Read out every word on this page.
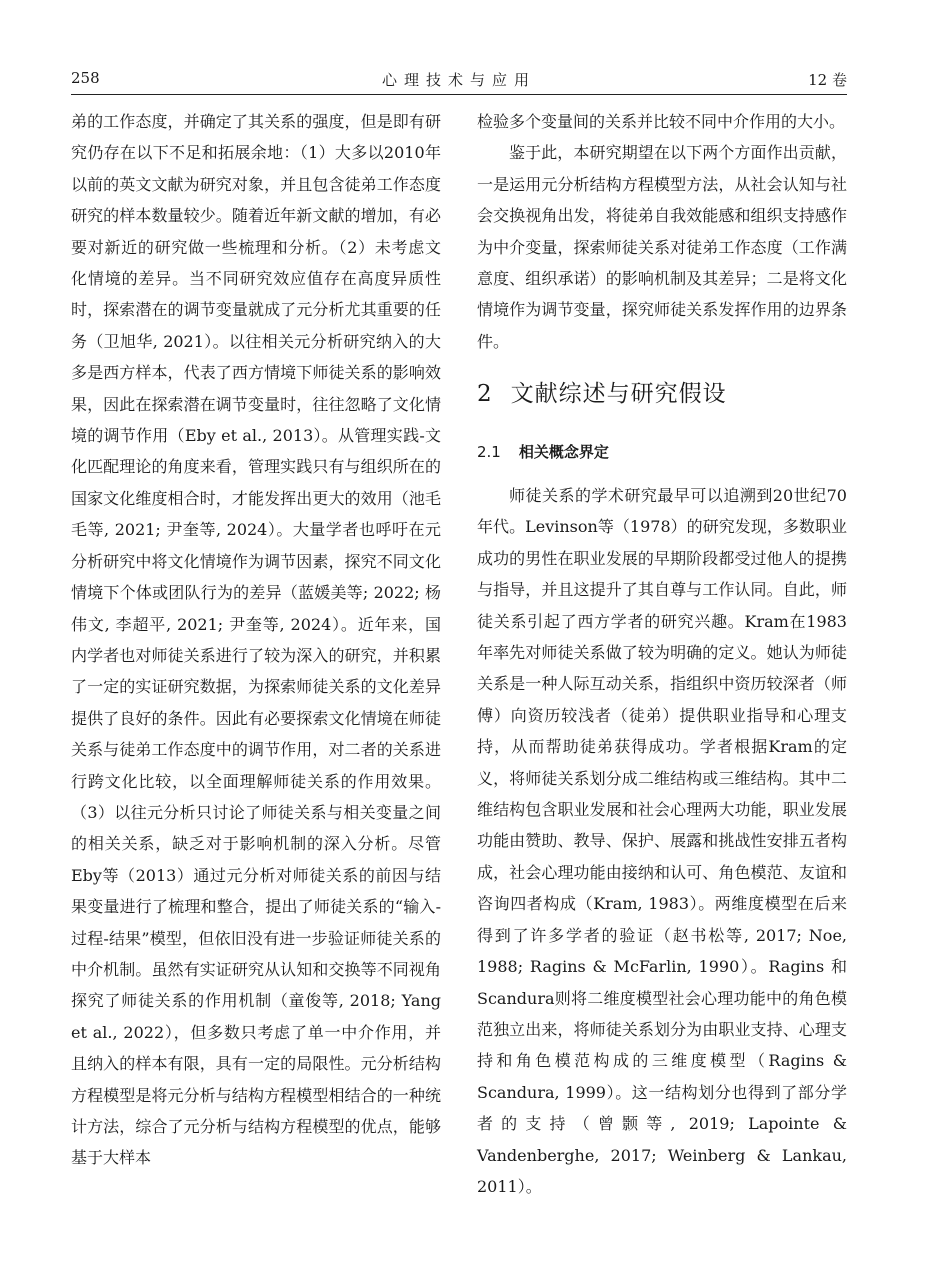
258	心理技术与应用	12 卷

弟的工作态度，并确定了其关系的强度，但是即有研究仍存在以下不足和拓展余地：（1）大多以2010年以前的英文文献为研究对象，并且包含徒弟工作态度研究的样本数量较少。随着近年新文献的增加，有必要对新近的研究做一些梳理和分析。（2）未考虑文化情境的差异。当不同研究效应值存在高度异质性时，探索潜在的调节变量就成了元分析尤其重要的任务（卫旭华, 2021）。以往相关元分析研究纳入的大多是西方样本，代表了西方情境下师徒关系的影响效果，因此在探索潜在调节变量时，往往忽略了文化情境的调节作用（Eby et al., 2013）。从管理实践-文化匹配理论的角度来看，管理实践只有与组织所在的国家文化维度相合时，才能发挥出更大的效用（池毛毛等, 2021; 尹奎等, 2024）。大量学者也呼吁在元分析研究中将文化情境作为调节因素，探究不同文化情境下个体或团队行为的差异（蓝媛美等; 2022; 杨伟文, 李超平, 2021; 尹奎等, 2024）。近年来，国内学者也对师徒关系进行了较为深入的研究，并积累了一定的实证研究数据，为探索师徒关系的文化差异提供了良好的条件。因此有必要探索文化情境在师徒关系与徒弟工作态度中的调节作用，对二者的关系进行跨文化比较，以全面理解师徒关系的作用效果。（3）以往元分析只讨论了师徒关系与相关变量之间的相关关系，缺乏对于影响机制的深入分析。尽管Eby等（2013）通过元分析对师徒关系的前因与结果变量进行了梳理和整合，提出了师徒关系的“输入-过程-结果”模型，但依旧没有进一步验证师徒关系的中介机制。虽然有实证研究从认知和交换等不同视角探究了师徒关系的作用机制（童俊等, 2018; Yang et al., 2022），但多数只考虑了单一中介作用，并且纳入的样本有限，具有一定的局限性。元分析结构方程模型是将元分析与结构方程模型相结合的一种统计方法，综合了元分析与结构方程模型的优点，能够基于大样本

检验多个变量间的关系并比较不同中介作用的大小。

鉴于此，本研究期望在以下两个方面作出贡献，一是运用元分析结构方程模型方法，从社会认知与社会交换视角出发，将徒弟自我效能感和组织支持感作为中介变量，探索师徒关系对徒弟工作态度（工作满意度、组织承诺）的影响机制及其差异；二是将文化情境作为调节变量，探究师徒关系发挥作用的边界条件。

2 文献综述与研究假设
2.1 相关概念界定

师徒关系的学术研究最早可以追溯到20世纪70年代。Levinson等（1978）的研究发现，多数职业成功的男性在职业发展的早期阶段都受过他人的提携与指导，并且这提升了其自尊与工作认同。自此，师徒关系引起了西方学者的研究兴趣。Kram在1983年率先对师徒关系做了较为明确的定义。她认为师徒关系是一种人际互动关系，指组织中资历较深者（师傅）向资历较浅者（徒弟）提供职业指导和心理支持，从而帮助徒弟获得成功。学者根据Kram的定义，将师徒关系划分成二维结构或三维结构。其中二维结构包含职业发展和社会心理两大功能，职业发展功能由赞助、教导、保护、展露和挑战性安排五者构成，社会心理功能由接纳和认可、角色模范、友谊和咨询四者构成（Kram, 1983）。两维度模型在后来得到了许多学者的验证（赵书松等, 2017; Noe, 1988; Ragins & McFarlin, 1990）。Ragins 和Scandura则将二维度模型社会心理功能中的角色模范独立出来，将师徒关系划分为由职业支持、心理支持和角色模范构成的三维度模型（Ragins & Scandura, 1999）。这一结构划分也得到了部分学者的支持（曾颢等, 2019; Lapointe & Vandenberghe, 2017; Weinberg & Lankau, 2011）。
